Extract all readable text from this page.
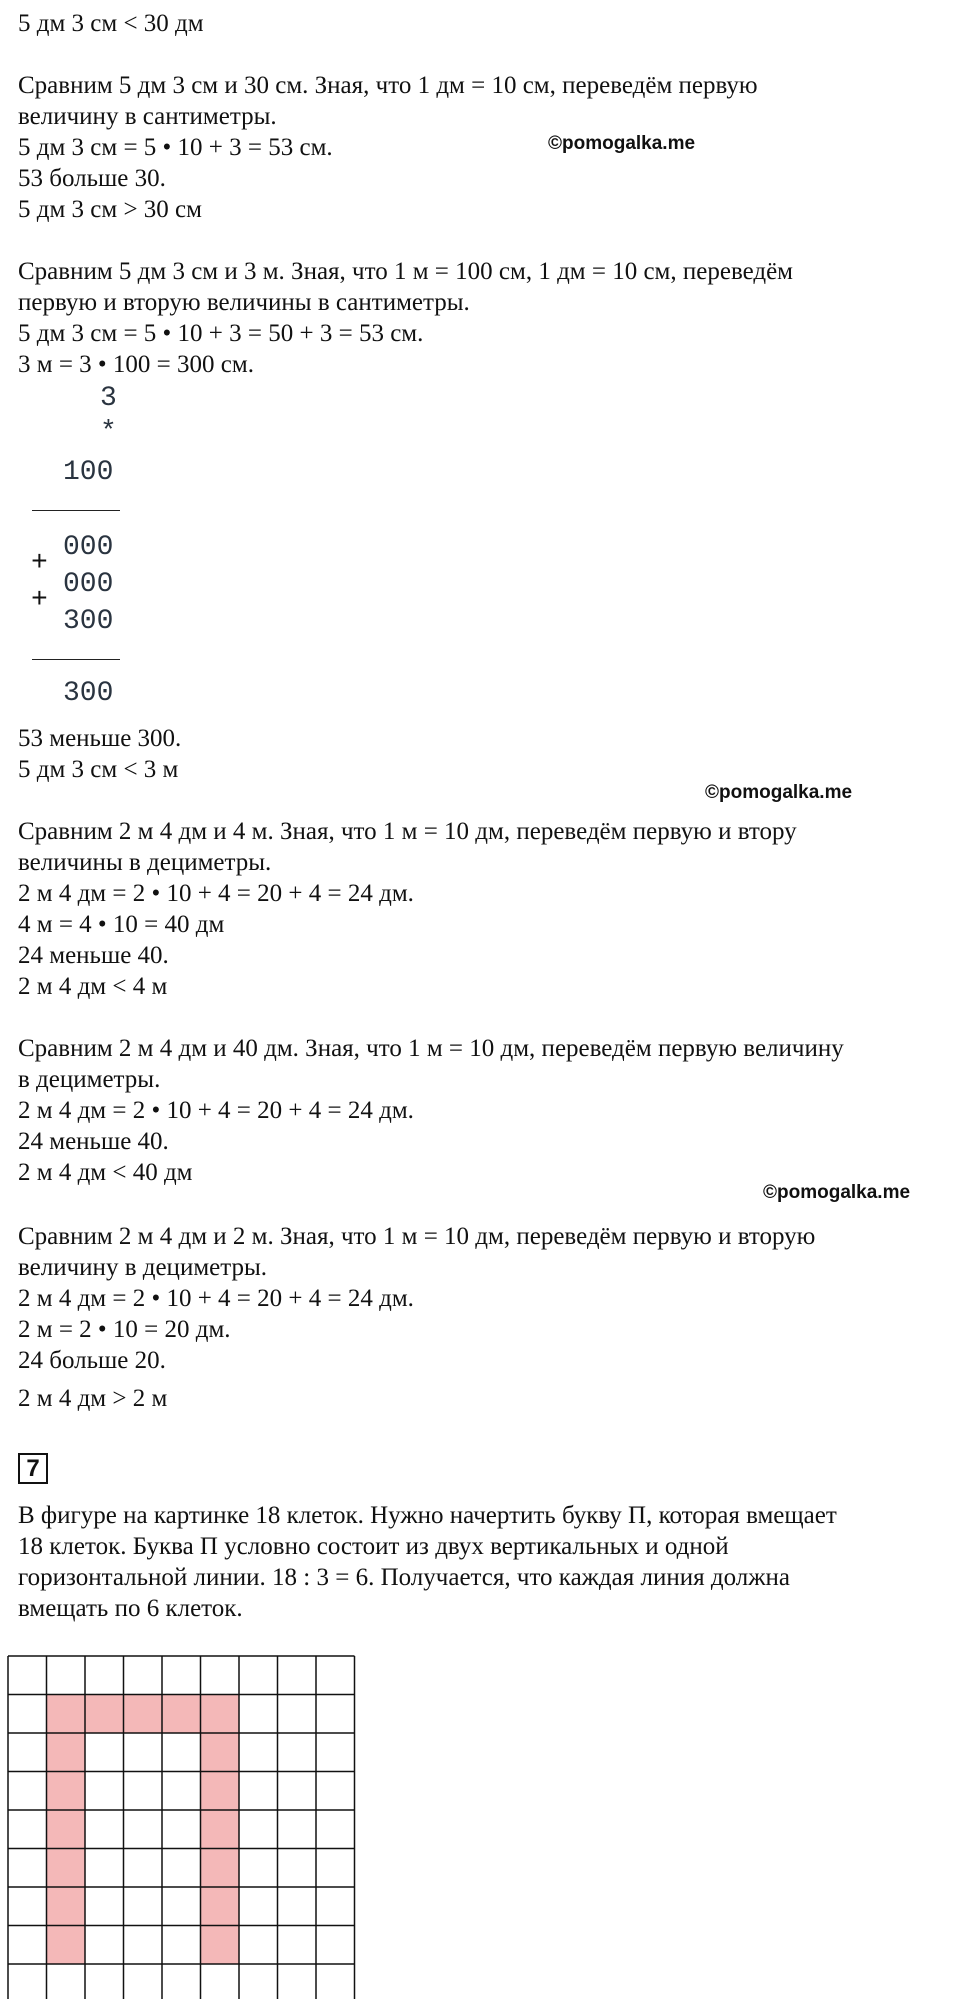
5 дм 3 см < 30 дм
Сравним 5 дм 3 см и 30 см. Зная, что 1 дм = 10 см, переведём первую
величину в сантиметры.
5 дм 3 см = 5 • 10 + 3 = 53 см.
53 больше 30.
5 дм 3 см > 30 см
Сравним 5 дм 3 см и 3 м. Зная, что 1 м = 100 см, 1 дм = 10 см, переведём
первую и вторую величины в сантиметры.
5 дм 3 см = 5 • 10 + 3 = 50 + 3 = 53 см.
3 м = 3 • 100 = 300 см.
3
*
100
000
+
000
+
300
300
53 меньше 300.
5 дм 3 см < 3 м
Сравним 2 м 4 дм и 4 м. Зная, что 1 м = 10 дм, переведём первую и втору
величины в дециметры.
2 м 4 дм = 2 • 10 + 4 = 20 + 4 = 24 дм.
4 м = 4 • 10 = 40 дм
24 меньше 40.
2 м 4 дм < 4 м
Сравним 2 м 4 дм и 40 дм. Зная, что 1 м = 10 дм, переведём первую величину
в дециметры.
2 м 4 дм = 2 • 10 + 4 = 20 + 4 = 24 дм.
24 меньше 40.
2 м 4 дм < 40 дм
Сравним 2 м 4 дм и 2 м. Зная, что 1 м = 10 дм, переведём первую и вторую
величину в дециметры.
2 м 4 дм = 2 • 10 + 4 = 20 + 4 = 24 дм.
2 м = 2 • 10 = 20 дм.
24 больше 20.
2 м 4 дм > 2 м
7
В фигуре на картинке 18 клеток. Нужно начертить букву П, которая вмещает
18 клеток. Буква П условно состоит из двух вертикальных и одной
горизонтальной линии. 18 : 3 = 6. Получается, что каждая линия должна
вмещать по 6 клеток.
©pomogalka.me
©pomogalka.me
©pomogalka.me
